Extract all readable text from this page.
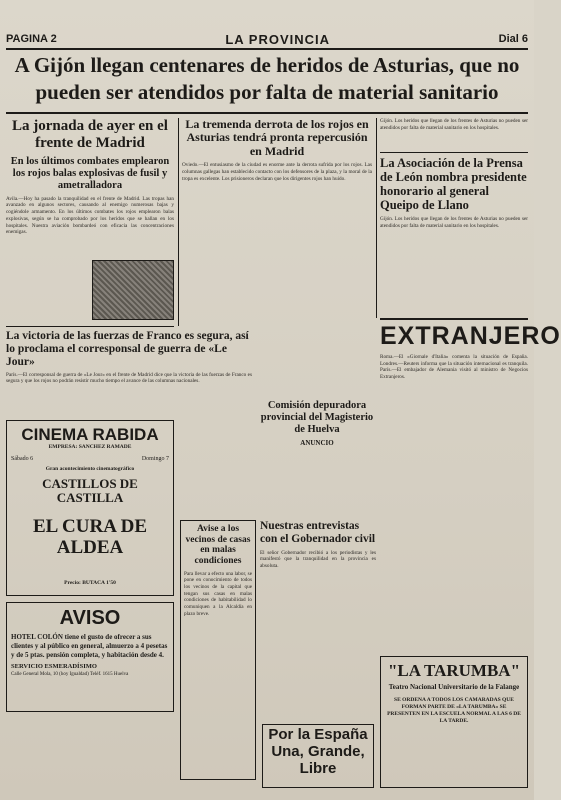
PAGINA 2	LA PROVINCIA	Dial 6
A Gijón llegan centenares de heridos de Asturias, que no pueden ser atendidos por falta de material sanitario
La jornada de ayer en el frente de Madrid
En los últimos combates emplearon los rojos balas explosivas de fusil y ametralladora
Avila.—Hoy ha pasado la tranquilidad en el frente de Madrid. Las tropas han avanzado en algunos sectores, causando al enemigo numerosas bajas y cogiéndole armamento. En los últimos combates los rojos emplearon balas explosivas, según se ha comprobado por los heridos que se hallan en los hospitales. Nuestra aviación bombardeó con eficacia las concentraciones enemigas.
La victoria de las fuerzas de Franco es segura, así lo proclama el corresponsal de guerra de «Le Jour»
París.—El corresponsal de guerra de «Le Jour» en el frente de Madrid dice que la victoria de las fuerzas de Franco es segura y que los rojos no podrán resistir mucho tiempo el avance de las columnas nacionales.
La tremenda derrota de los rojos en Asturias tendrá pronta repercusión en Madrid
Oviedo.—El entusiasmo de la ciudad es enorme ante la derrota sufrida por los rojos. Las columnas gallegas han establecido contacto con los defensores de la plaza, y la moral de la tropa es excelente. Los prisioneros declaran que los dirigentes rojos han huido.
Gijón. Los heridos que llegan de los frentes de Asturias no pueden ser atendidos por falta de material sanitario en los hospitales.
La Asociación de la Prensa de León nombra presidente honorario al general Queipo de Llano
Gijón. Los heridos que llegan de los frentes de Asturias no pueden ser atendidos por falta de material sanitario en los hospitales.
EXTRANJERO
Roma.—El «Giornale d'Italia» comenta la situación de España. Londres.—Reuters informa que la situación internacional es tranquila. París.—El embajador de Alemania visitó al ministro de Negocios Extranjeros.
Comisión depuradora provincial del Magisterio de Huelva
ANUNCIO
CINEMA RABIDA
EMPRESA: SANCHEZ RAMADE
Sábado 6	Domingo 7
Gran acontecimiento cinematográfico
CASTILLOS DE CASTILLA
EL CURA DE ALDEA
Precio: BUTACA 1'50
AVISO
HOTEL COLÓN tiene el gusto de ofrecer a sus clientes y al público en general, almuerzo a 4 pesetas y de 5 ptas. pensión completa, y habitación desde 4.
SERVICIO ESMERADÍSIMO
Calle General Mola, 10 (hoy Igualdad) Teléf. 1615 Huelva
Avise a los vecinos de casas en malas condiciones
Para llevar a efecto una labor, se pone en conocimiento de todos los vecinos de la capital que tengan sus casas en malas condiciones de habitabilidad lo comuniquen a la Alcaldía en plazo breve.
Nuestras entrevistas con el Gobernador civil
El señor Gobernador recibió a los periodistas y les manifestó que la tranquilidad en la provincia es absoluta.
Por la España
Una, Grande,
Libre
"LA TARUMBA"
Teatro Nacional Universitario de la Falange
SE ORDENA A TODOS LOS CAMARADAS QUE FORMAN PARTE DE «LA TARUMBA» SE PRESENTEN EN LA ESCUELA NORMAL A LAS 6 DE LA TARDE.
